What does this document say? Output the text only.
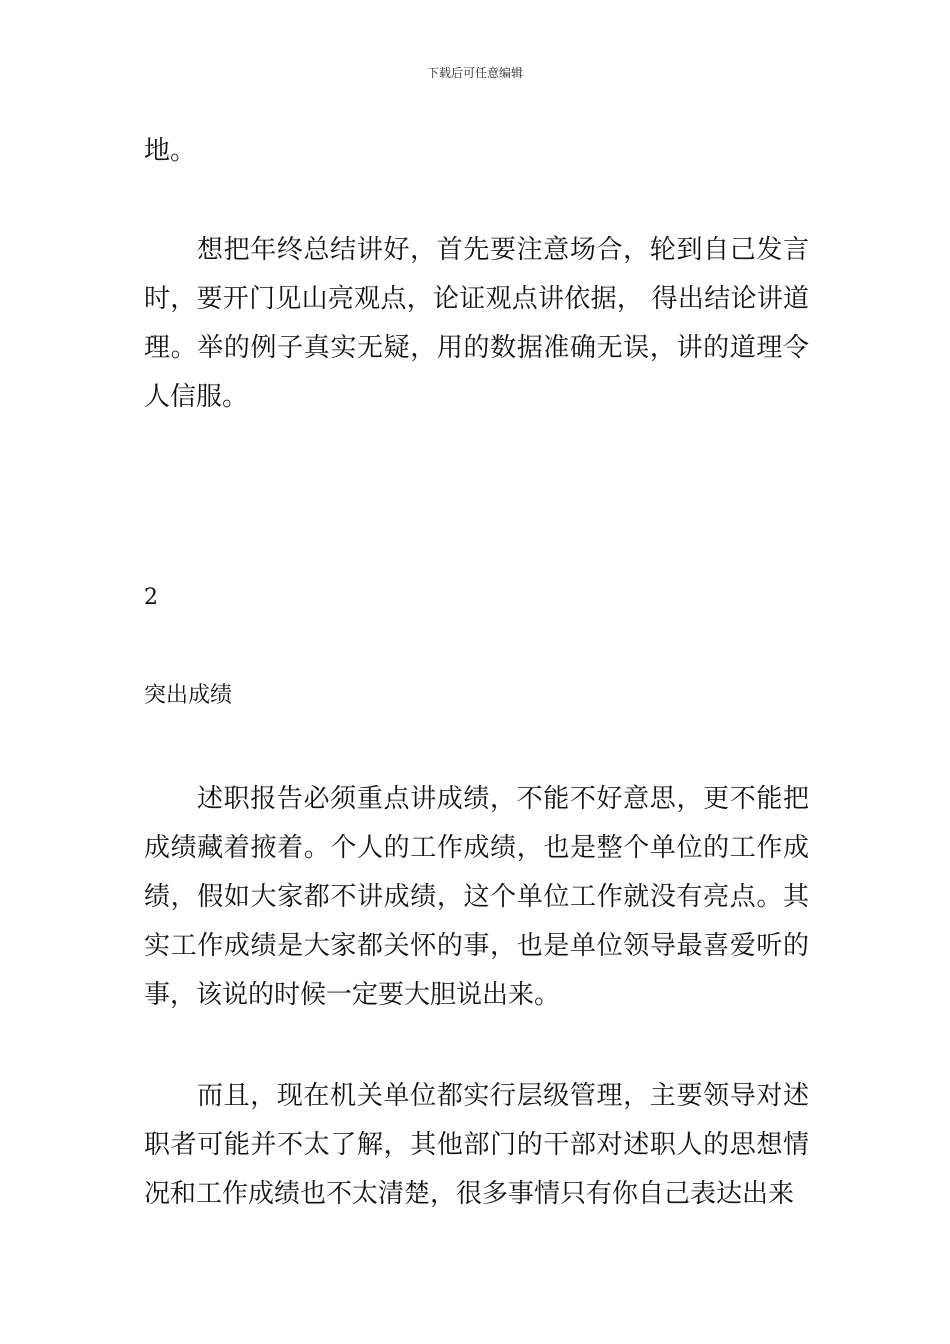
下载后可任意编辑

地。

想把年终总结讲好，首先要注意场合，轮到自己发言时，要开门见山亮观点，论证观点讲依据， 得出结论讲道理。举的例子真实无疑，用的数据准确无误，讲的道理令人信服。

2

突出成绩

述职报告必须重点讲成绩，不能不好意思，更不能把成绩藏着掖着。个人的工作成绩，也是整个单位的工作成绩，假如大家都不讲成绩，这个单位工作就没有亮点。其实工作成绩是大家都关怀的事，也是单位领导最喜爱听的事，该说的时候一定要大胆说出来。

而且，现在机关单位都实行层级管理，主要领导对述职者可能并不太了解，其他部门的干部对述职人的思想情况和工作成绩也不太清楚，很多事情只有你自己表达出来
